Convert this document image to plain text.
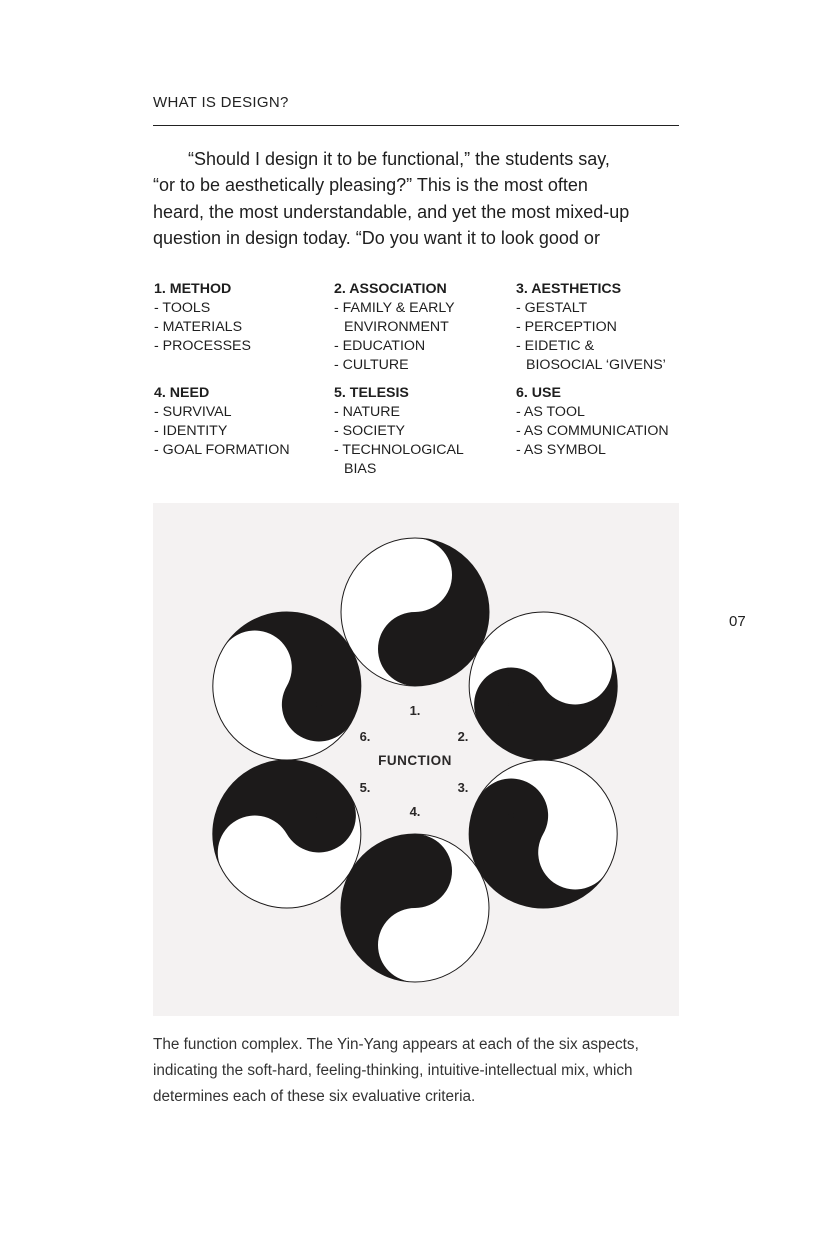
WHAT IS DESIGN?

“Should I design it to be functional,” the students say,
“or to be aesthetically pleasing?” This is the most often
heard, the most understandable, and yet the most mixed-up
question in design today. “Do you want it to look good or

1. METHOD
- TOOLS
- MATERIALS
- PROCESSES
2. ASSOCIATION
- FAMILY & EARLY
ENVIRONMENT
- EDUCATION
- CULTURE
3. AESTHETICS
- GESTALT
- PERCEPTION
- EIDETIC &
BIOSOCIAL ‘GIVENS’
4. NEED
- SURVIVAL
- IDENTITY
- GOAL FORMATION
5. TELESIS
- NATURE
- SOCIETY
- TECHNOLOGICAL
BIAS
6. USE
- AS TOOL
- AS COMMUNICATION
- AS SYMBOL
FUNCTION
1.
2.
3.
4.
5.
6.
07

The function complex. The Yin-Yang appears at each of the six aspects,
indicating the soft-hard, feeling-thinking, intuitive-intellectual mix, which
determines each of these six evaluative criteria.
